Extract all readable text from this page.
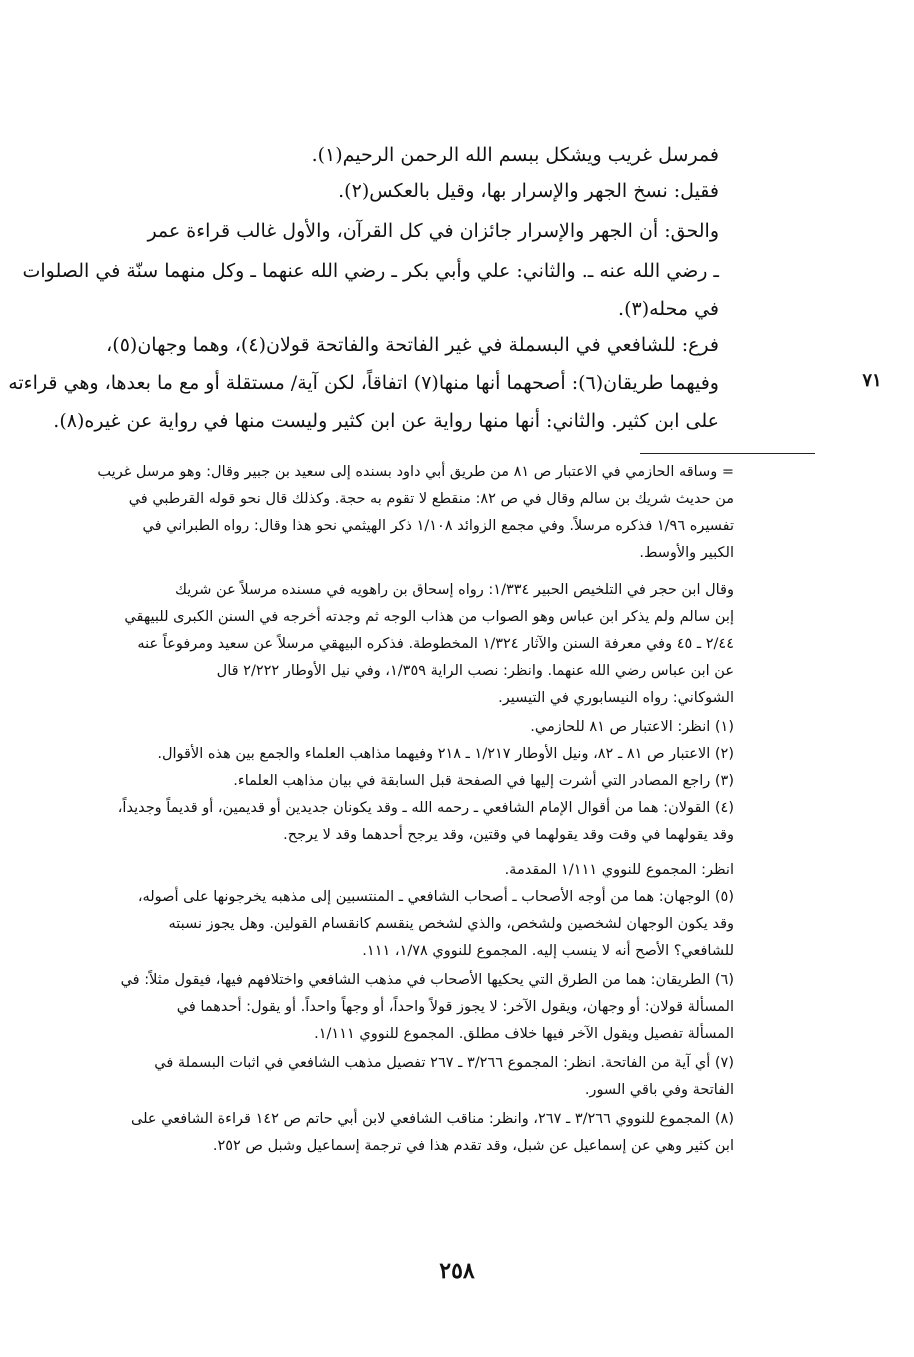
فمرسل غريب ويشكل ببسم الله الرحمن الرحيم(١).
فقيل: نسخ الجهر والإسرار بها، وقيل بالعكس(٢).
والحق: أن الجهر والإسرار جائزان في كل القرآن، والأول غالب قراءة عمر
ـ رضي الله عنه ـ. والثاني: علي وأبي بكر ـ رضي الله عنهما ـ وكل منهما سنّة في الصلوات
في محله(٣).
فرع: للشافعي في البسملة في غير الفاتحة والفاتحة قولان(٤)، وهما وجهان(٥)،
وفيهما طريقان(٦): أصحهما أنها منها(٧) اتفاقاً، لكن آية/ مستقلة أو مع ما بعدها، وهي قراءته
على ابن كثير. والثاني: أنها منها رواية عن ابن كثير وليست منها في رواية عن غيره(٨).
٧١
= وساقه الحازمي في الاعتبار ص ٨١ من طريق أبي داود بسنده إلى سعيد بن جبير وقال: وهو مرسل غريب
من حديث شريك بن سالم وقال في ص ٨٢: منقطع لا تقوم به حجة. وكذلك قال نحو قوله القرطبي في
تفسيره ١/٩٦ فذكره مرسلاً. وفي مجمع الزوائد ١/١٠٨ ذكر الهيثمي نحو هذا وقال: رواه الطبراني في
الكبير والأوسط.
وقال ابن حجر في التلخيص الحبير ١/٣٣٤: رواه إسحاق بن راهويه في مسنده مرسلاً عن شريك
إبن سالم ولم يذكر ابن عباس وهو الصواب من هذاب الوجه ثم وجدته أخرجه في السنن الكبرى للبيهقي
٢/٤٤ ـ ٤٥ وفي معرفة السنن والآثار ١/٣٢٤ المخطوطة. فذكره البيهقي مرسلاً عن سعيد ومرفوعاً عنه
عن ابن عباس رضي الله عنهما. وانظر: نصب الراية ١/٣٥٩، وفي نيل الأوطار ٢/٢٢٢ قال
الشوكاني: رواه النيسابوري في التيسير.
(١) انظر: الاعتبار ص ٨١ للحازمي.
(٢) الاعتبار ص ٨١ ـ ٨٢، ونيل الأوطار ١/٢١٧ ـ ٢١٨ وفيهما مذاهب العلماء والجمع بين هذه الأقوال.
(٣) راجع المصادر التي أشرت إليها في الصفحة قبل السابقة في بيان مذاهب العلماء.
(٤) القولان: هما من أقوال الإمام الشافعي ـ رحمه الله ـ وقد يكونان جديدين أو قديمين، أو قديماً وجديداً،
وقد يقولهما في وقت وقد يقولهما في وقتين، وقد يرجح أحدهما وقد لا يرجح.
انظر: المجموع للنووي ١/١١١ المقدمة.
(٥) الوجهان: هما من أوجه الأصحاب ـ أصحاب الشافعي ـ المنتسبين إلى مذهبه يخرجونها على أصوله،
وقد يكون الوجهان لشخصين ولشخص، والذي لشخص ينقسم كانقسام القولين. وهل يجوز نسبته
للشافعي؟ الأصح أنه لا ينسب إليه. المجموع للنووي ١/٧٨، ١١١.
(٦) الطريقان: هما من الطرق التي يحكيها الأصحاب في مذهب الشافعي واختلافهم فيها، فيقول مثلاً: في
المسألة قولان: أو وجهان، ويقول الآخر: لا يجوز قولاً واحداً، أو وجهاً واحداً. أو يقول: أحدهما في
المسألة تفصيل ويقول الآخر فيها خلاف مطلق. المجموع للنووي ١/١١١.
(٧) أي آية من الفاتحة. انظر: المجموع ٣/٢٦٦ ـ ٢٦٧ تفصيل مذهب الشافعي في اثبات البسملة في
الفاتحة وفي باقي السور.
(٨) المجموع للنووي ٣/٢٦٦ ـ ٢٦٧، وانظر: مناقب الشافعي لابن أبي حاتم ص ١٤٢ قراءة الشافعي على
ابن كثير وهي عن إسماعيل عن شبل، وقد تقدم هذا في ترجمة إسماعيل وشبل ص ٢٥٢.
٢٥٨
